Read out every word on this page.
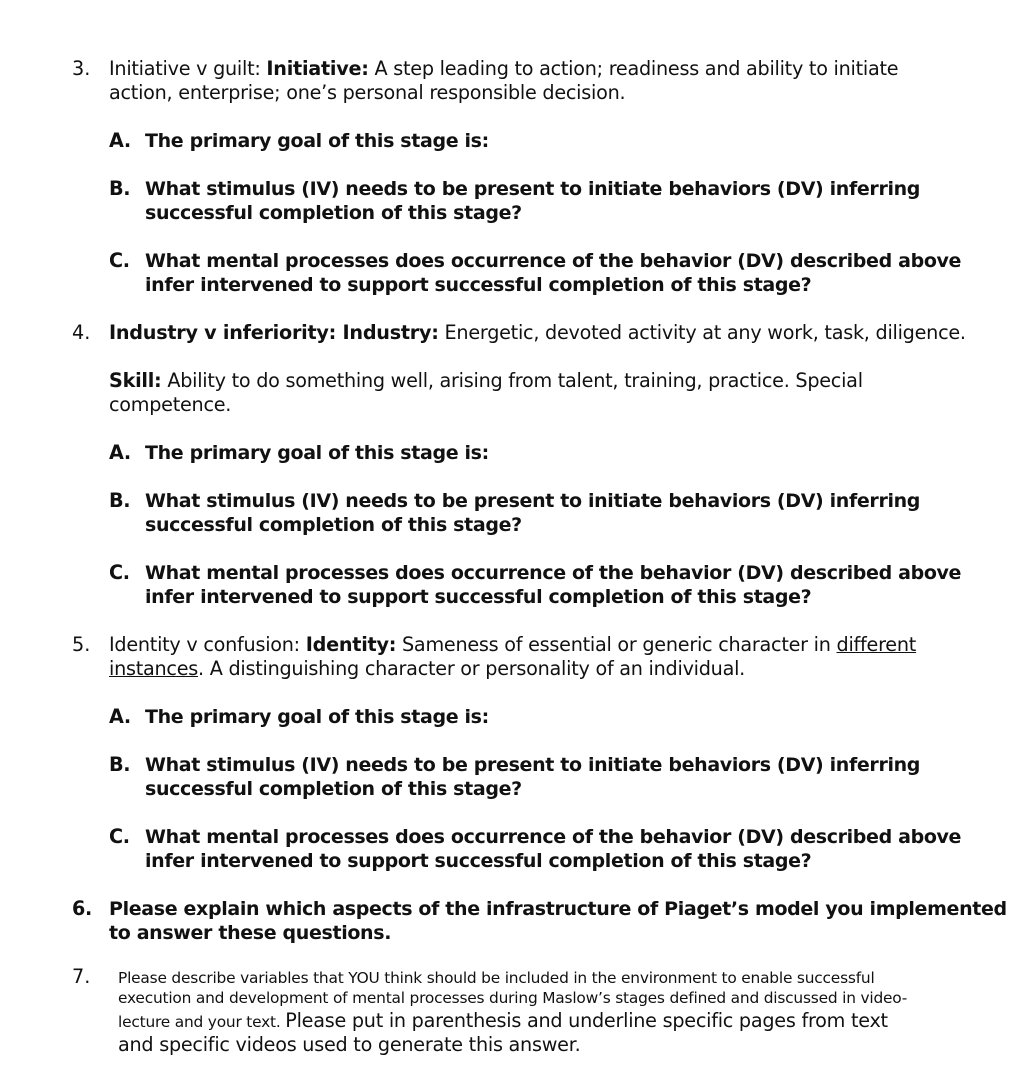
3. Initiative v guilt: Initiative: A step leading to action; readiness and ability to initiate
action, enterprise; one’s personal responsible decision.
A. The primary goal of this stage is:
B. What stimulus (IV) needs to be present to initiate behaviors (DV) inferring
successful completion of this stage?
C. What mental processes does occurrence of the behavior (DV) described above
infer intervened to support successful completion of this stage?
4. Industry v inferiority: Industry: Energetic, devoted activity at any work, task, diligence.
Skill: Ability to do something well, arising from talent, training, practice. Special
competence.
A. The primary goal of this stage is:
B. What stimulus (IV) needs to be present to initiate behaviors (DV) inferring
successful completion of this stage?
C. What mental processes does occurrence of the behavior (DV) described above
infer intervened to support successful completion of this stage?
5. Identity v confusion: Identity: Sameness of essential or generic character in different
instances. A distinguishing character or personality of an individual.
A. The primary goal of this stage is:
B. What stimulus (IV) needs to be present to initiate behaviors (DV) inferring
successful completion of this stage?
C. What mental processes does occurrence of the behavior (DV) described above
infer intervened to support successful completion of this stage?
6. Please explain which aspects of the infrastructure of Piaget’s model you implemented
to answer these questions.
7. Please describe variables that YOU think should be included in the environment to enable successful
execution and development of mental processes during Maslow’s stages defined and discussed in video-
lecture and your text. Please put in parenthesis and underline specific pages from text
and specific videos used to generate this answer.
